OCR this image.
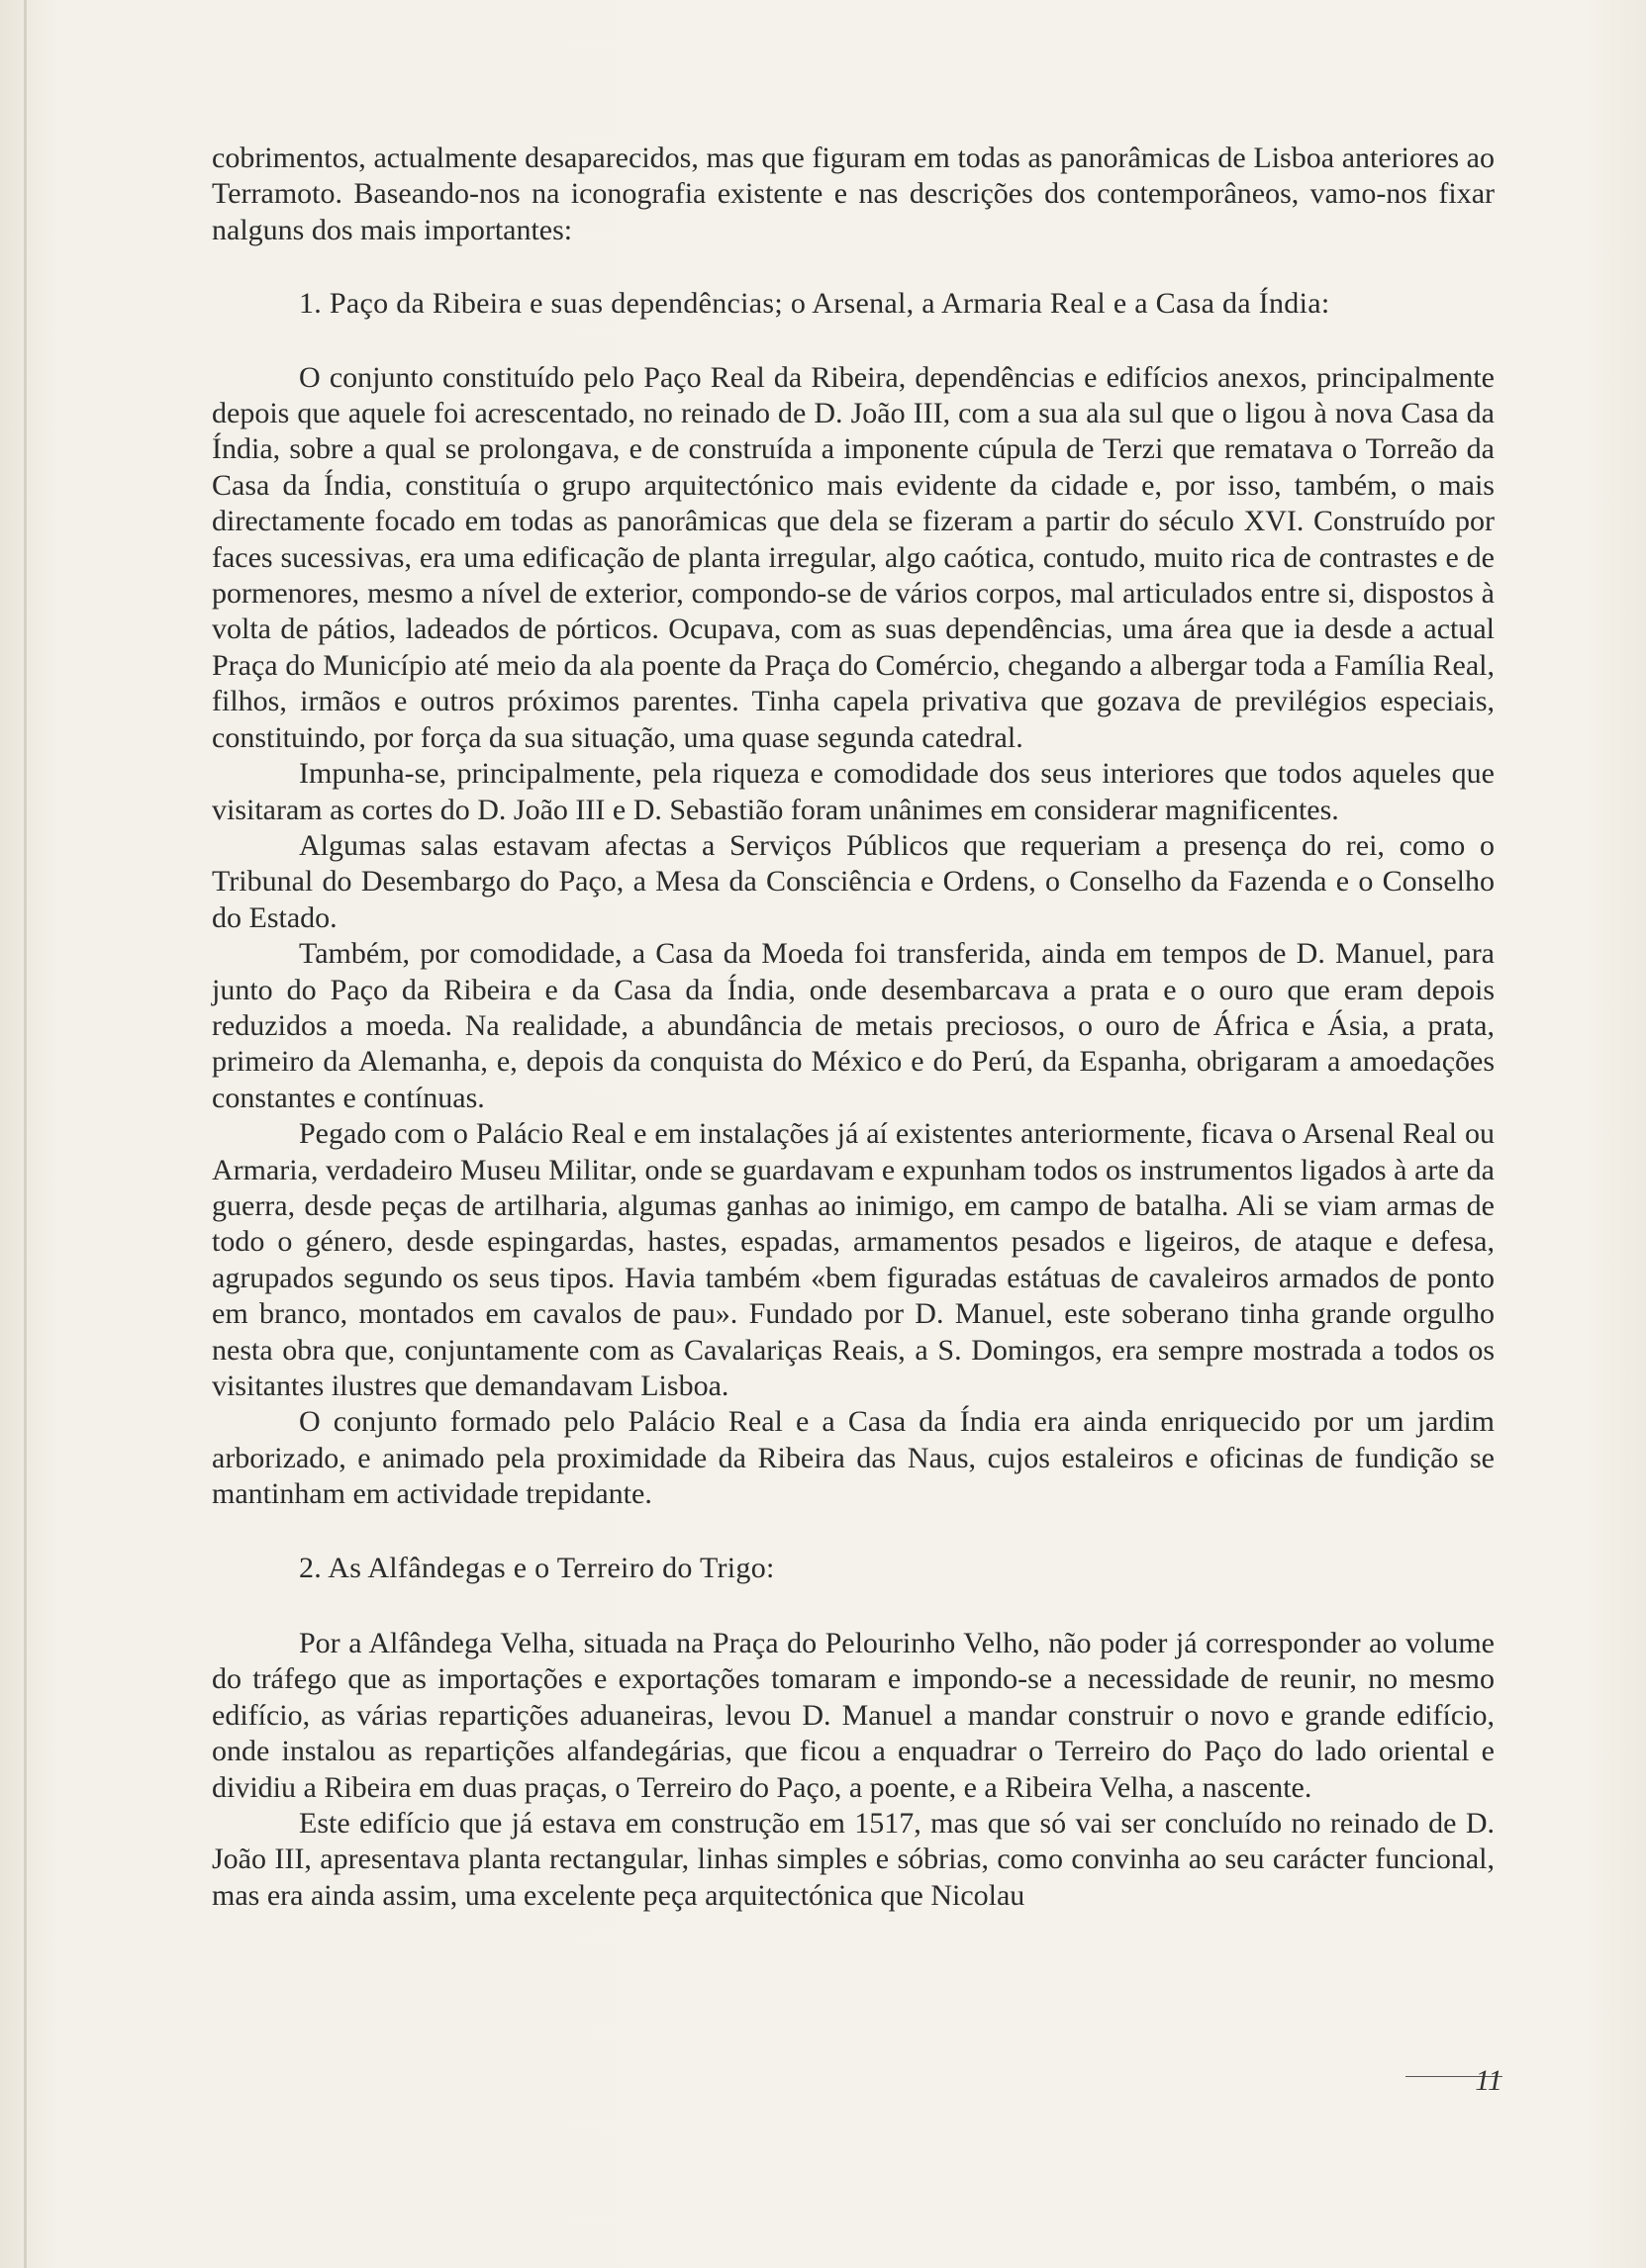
cobrimentos, actualmente desaparecidos, mas que figuram em todas as panorâmicas de Lisboa anteriores ao Terramoto. Baseando-nos na iconografia existente e nas descrições dos contemporâneos, vamo-nos fixar nalguns dos mais importantes:

1. Paço da Ribeira e suas dependências; o Arsenal, a Armaria Real e a Casa da Índia:

O conjunto constituído pelo Paço Real da Ribeira, dependências e edifícios anexos, principalmente depois que aquele foi acrescentado, no reinado de D. João III, com a sua ala sul que o ligou à nova Casa da Índia, sobre a qual se prolongava, e de construída a imponente cúpula de Terzi que rematava o Torreão da Casa da Índia, constituía o grupo arquitectónico mais evidente da cidade e, por isso, também, o mais directamente focado em todas as panorâmicas que dela se fizeram a partir do século XVI. Construído por faces sucessivas, era uma edificação de planta irregular, algo caótica, contudo, muito rica de contrastes e de pormenores, mesmo a nível de exterior, compondo-se de vários corpos, mal articulados entre si, dispostos à volta de pátios, ladeados de pórticos. Ocupava, com as suas dependências, uma área que ia desde a actual Praça do Município até meio da ala poente da Praça do Comércio, chegando a albergar toda a Família Real, filhos, irmãos e outros próximos parentes. Tinha capela privativa que gozava de previlégios especiais, constituindo, por força da sua situação, uma quase segunda catedral.

Impunha-se, principalmente, pela riqueza e comodidade dos seus interiores que todos aqueles que visitaram as cortes do D. João III e D. Sebastião foram unânimes em considerar magnificentes.

Algumas salas estavam afectas a Serviços Públicos que requeriam a presença do rei, como o Tribunal do Desembargo do Paço, a Mesa da Consciência e Ordens, o Conselho da Fazenda e o Conselho do Estado.

Também, por comodidade, a Casa da Moeda foi transferida, ainda em tempos de D. Manuel, para junto do Paço da Ribeira e da Casa da Índia, onde desembarcava a prata e o ouro que eram depois reduzidos a moeda. Na realidade, a abundância de metais preciosos, o ouro de África e Ásia, a prata, primeiro da Alemanha, e, depois da conquista do México e do Perú, da Espanha, obrigaram a amoedações constantes e contínuas.

Pegado com o Palácio Real e em instalações já aí existentes anteriormente, ficava o Arsenal Real ou Armaria, verdadeiro Museu Militar, onde se guardavam e expunham todos os instrumentos ligados à arte da guerra, desde peças de artilharia, algumas ganhas ao inimigo, em campo de batalha. Ali se viam armas de todo o género, desde espingardas, hastes, espadas, armamentos pesados e ligeiros, de ataque e defesa, agrupados segundo os seus tipos. Havia também «bem figuradas estátuas de cavaleiros armados de ponto em branco, montados em cavalos de pau». Fundado por D. Manuel, este soberano tinha grande orgulho nesta obra que, conjuntamente com as Cavalariças Reais, a S. Domingos, era sempre mostrada a todos os visitantes ilustres que demandavam Lisboa.

O conjunto formado pelo Palácio Real e a Casa da Índia era ainda enriquecido por um jardim arborizado, e animado pela proximidade da Ribeira das Naus, cujos estaleiros e oficinas de fundição se mantinham em actividade trepidante.

2. As Alfândegas e o Terreiro do Trigo:

Por a Alfândega Velha, situada na Praça do Pelourinho Velho, não poder já corresponder ao volume do tráfego que as importações e exportações tomaram e impondo-se a necessidade de reunir, no mesmo edifício, as várias repartições aduaneiras, levou D. Manuel a mandar construir o novo e grande edifício, onde instalou as repartições alfandegárias, que ficou a enquadrar o Terreiro do Paço do lado oriental e dividiu a Ribeira em duas praças, o Terreiro do Paço, a poente, e a Ribeira Velha, a nascente.

Este edifício que já estava em construção em 1517, mas que só vai ser concluído no reinado de D. João III, apresentava planta rectangular, linhas simples e sóbrias, como convinha ao seu carácter funcional, mas era ainda assim, uma excelente peça arquitectónica que Nicolau

11
